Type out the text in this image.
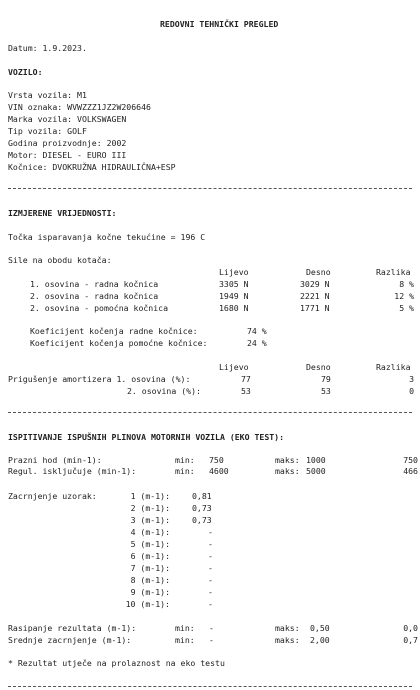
REDOVNI TEHNIČKI PREGLED
Datum: 1.9.2023.
VOZILO:
Vrsta vozila: M1
VIN oznaka: WVWZZZ1JZ2W206646
Marka vozila: VOLKSWAGEN
Tip vozila: GOLF
Godina proizvodnje: 2002
Motor: DIESEL - EURO III
Kočnice: DVOKRUŽNA HIDRAULIČNA+ESP
IZMJERENE VRIJEDNOSTI:
Točka isparavanja kočne tekućine = 196 C
Sile na obodu kotača:
Lijevo	Desno	Razlika
1. osovina - radna kočnica	3305 N	3029 N	8 %
2. osovina - radna kočnica	1949 N	2221 N	12 %
2. osovina - pomoćna kočnica	1680 N	1771 N	5 %
Koeficijent kočenja radne kočnice:	74 %
Koeficijent kočenja pomoćne kočnice:	24 %
Lijevo	Desno	Razlika
Prigušenje amortizera 1. osovina (%):	77	79	3
2. osovina (%):	53	53	0
ISPITIVANJE ISPUŠNIH PLINOVA MOTORNIH VOZILA (EKO TEST):
Prazni hod (min-1):	min: 750	maks: 1000	750
Regul. isključuje (min-1):	min: 4600	maks: 5000	466
Zacrnjenje uzorak:	1 (m-1):	0,81
2 (m-1):	0,73
3 (m-1):	0,73
4 (m-1):	-
5 (m-1):	-
6 (m-1):	-
7 (m-1):	-
8 (m-1):	-
9 (m-1):	-
10 (m-1):	-
Rasipanje rezultata (m-1):	min: -	maks: 0,50	0,0
Srednje zacrnjenje (m-1):	min: -	maks: 2,00	0,7
* Rezultat utječe na prolaznost na eko testu
